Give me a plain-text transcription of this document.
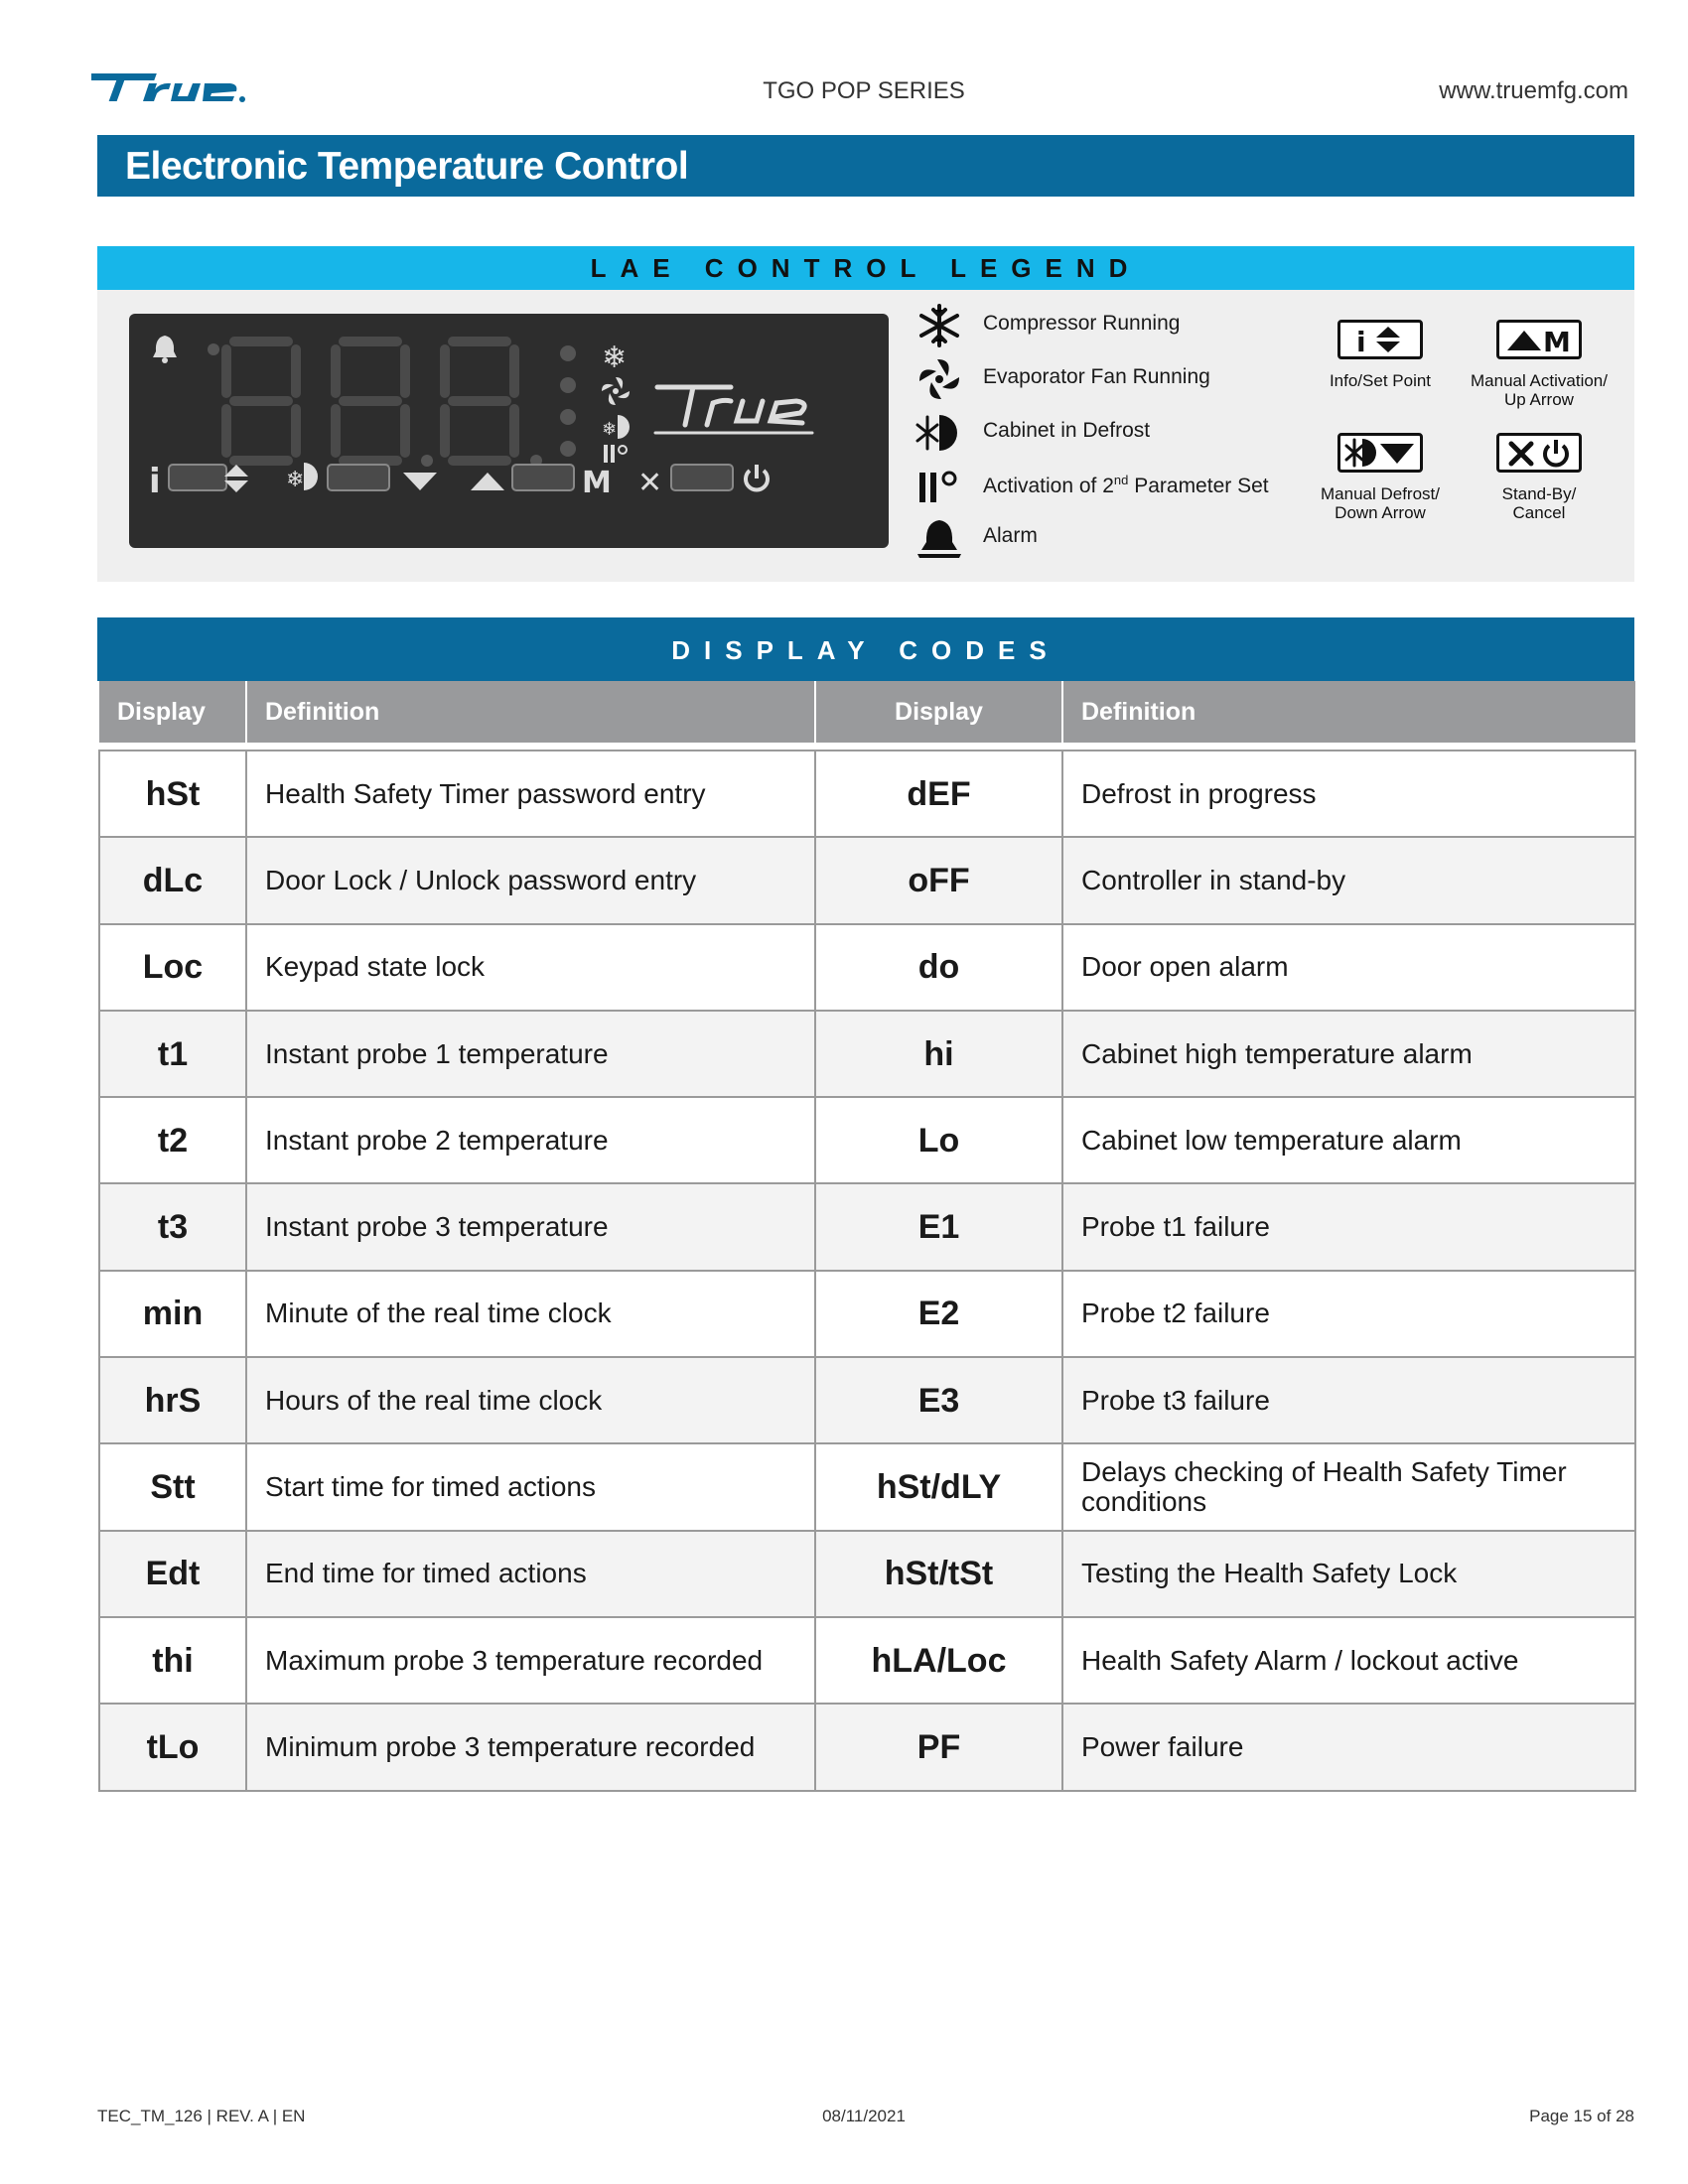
TGO POP SERIES	www.truemfg.com
Electronic Temperature Control
LAE CONTROL LEGEND
❄
❄
i	❄	M ✕
Compressor Running
Evaporator Fan Running
Cabinet in Defrost
Activation of 2nd Parameter Set
Alarm
i
Info/Set Point
M
Manual Activation/
Up Arrow
Manual Defrost/
Down Arrow
Stand-By/
Cancel
DISPLAY CODES
Display	Definition	Display	Definition

hSt	Health Safety Timer password entry	dEF	Defrost in progress
dLc	Door Lock / Unlock password entry	oFF	Controller in stand-by
Loc	Keypad state lock	do	Door open alarm
t1	Instant probe 1 temperature	hi	Cabinet high temperature alarm
t2	Instant probe 2 temperature	Lo	Cabinet low temperature alarm
t3	Instant probe 3 temperature	E1	Probe t1 failure
min	Minute of the real time clock	E2	Probe t2 failure
hrS	Hours of the real time clock	E3	Probe t3 failure
Stt	Start time for timed actions	hSt/dLY	Delays checking of Health Safety Timer conditions
Edt	End time for timed actions	hSt/tSt	Testing the Health Safety Lock
thi	Maximum probe 3 temperature recorded	hLA/Loc	Health Safety Alarm / lockout active
tLo	Minimum probe 3 temperature recorded	PF	Power failure
TEC_TM_126 | REV. A | EN	08/11/2021	Page 15 of 28
